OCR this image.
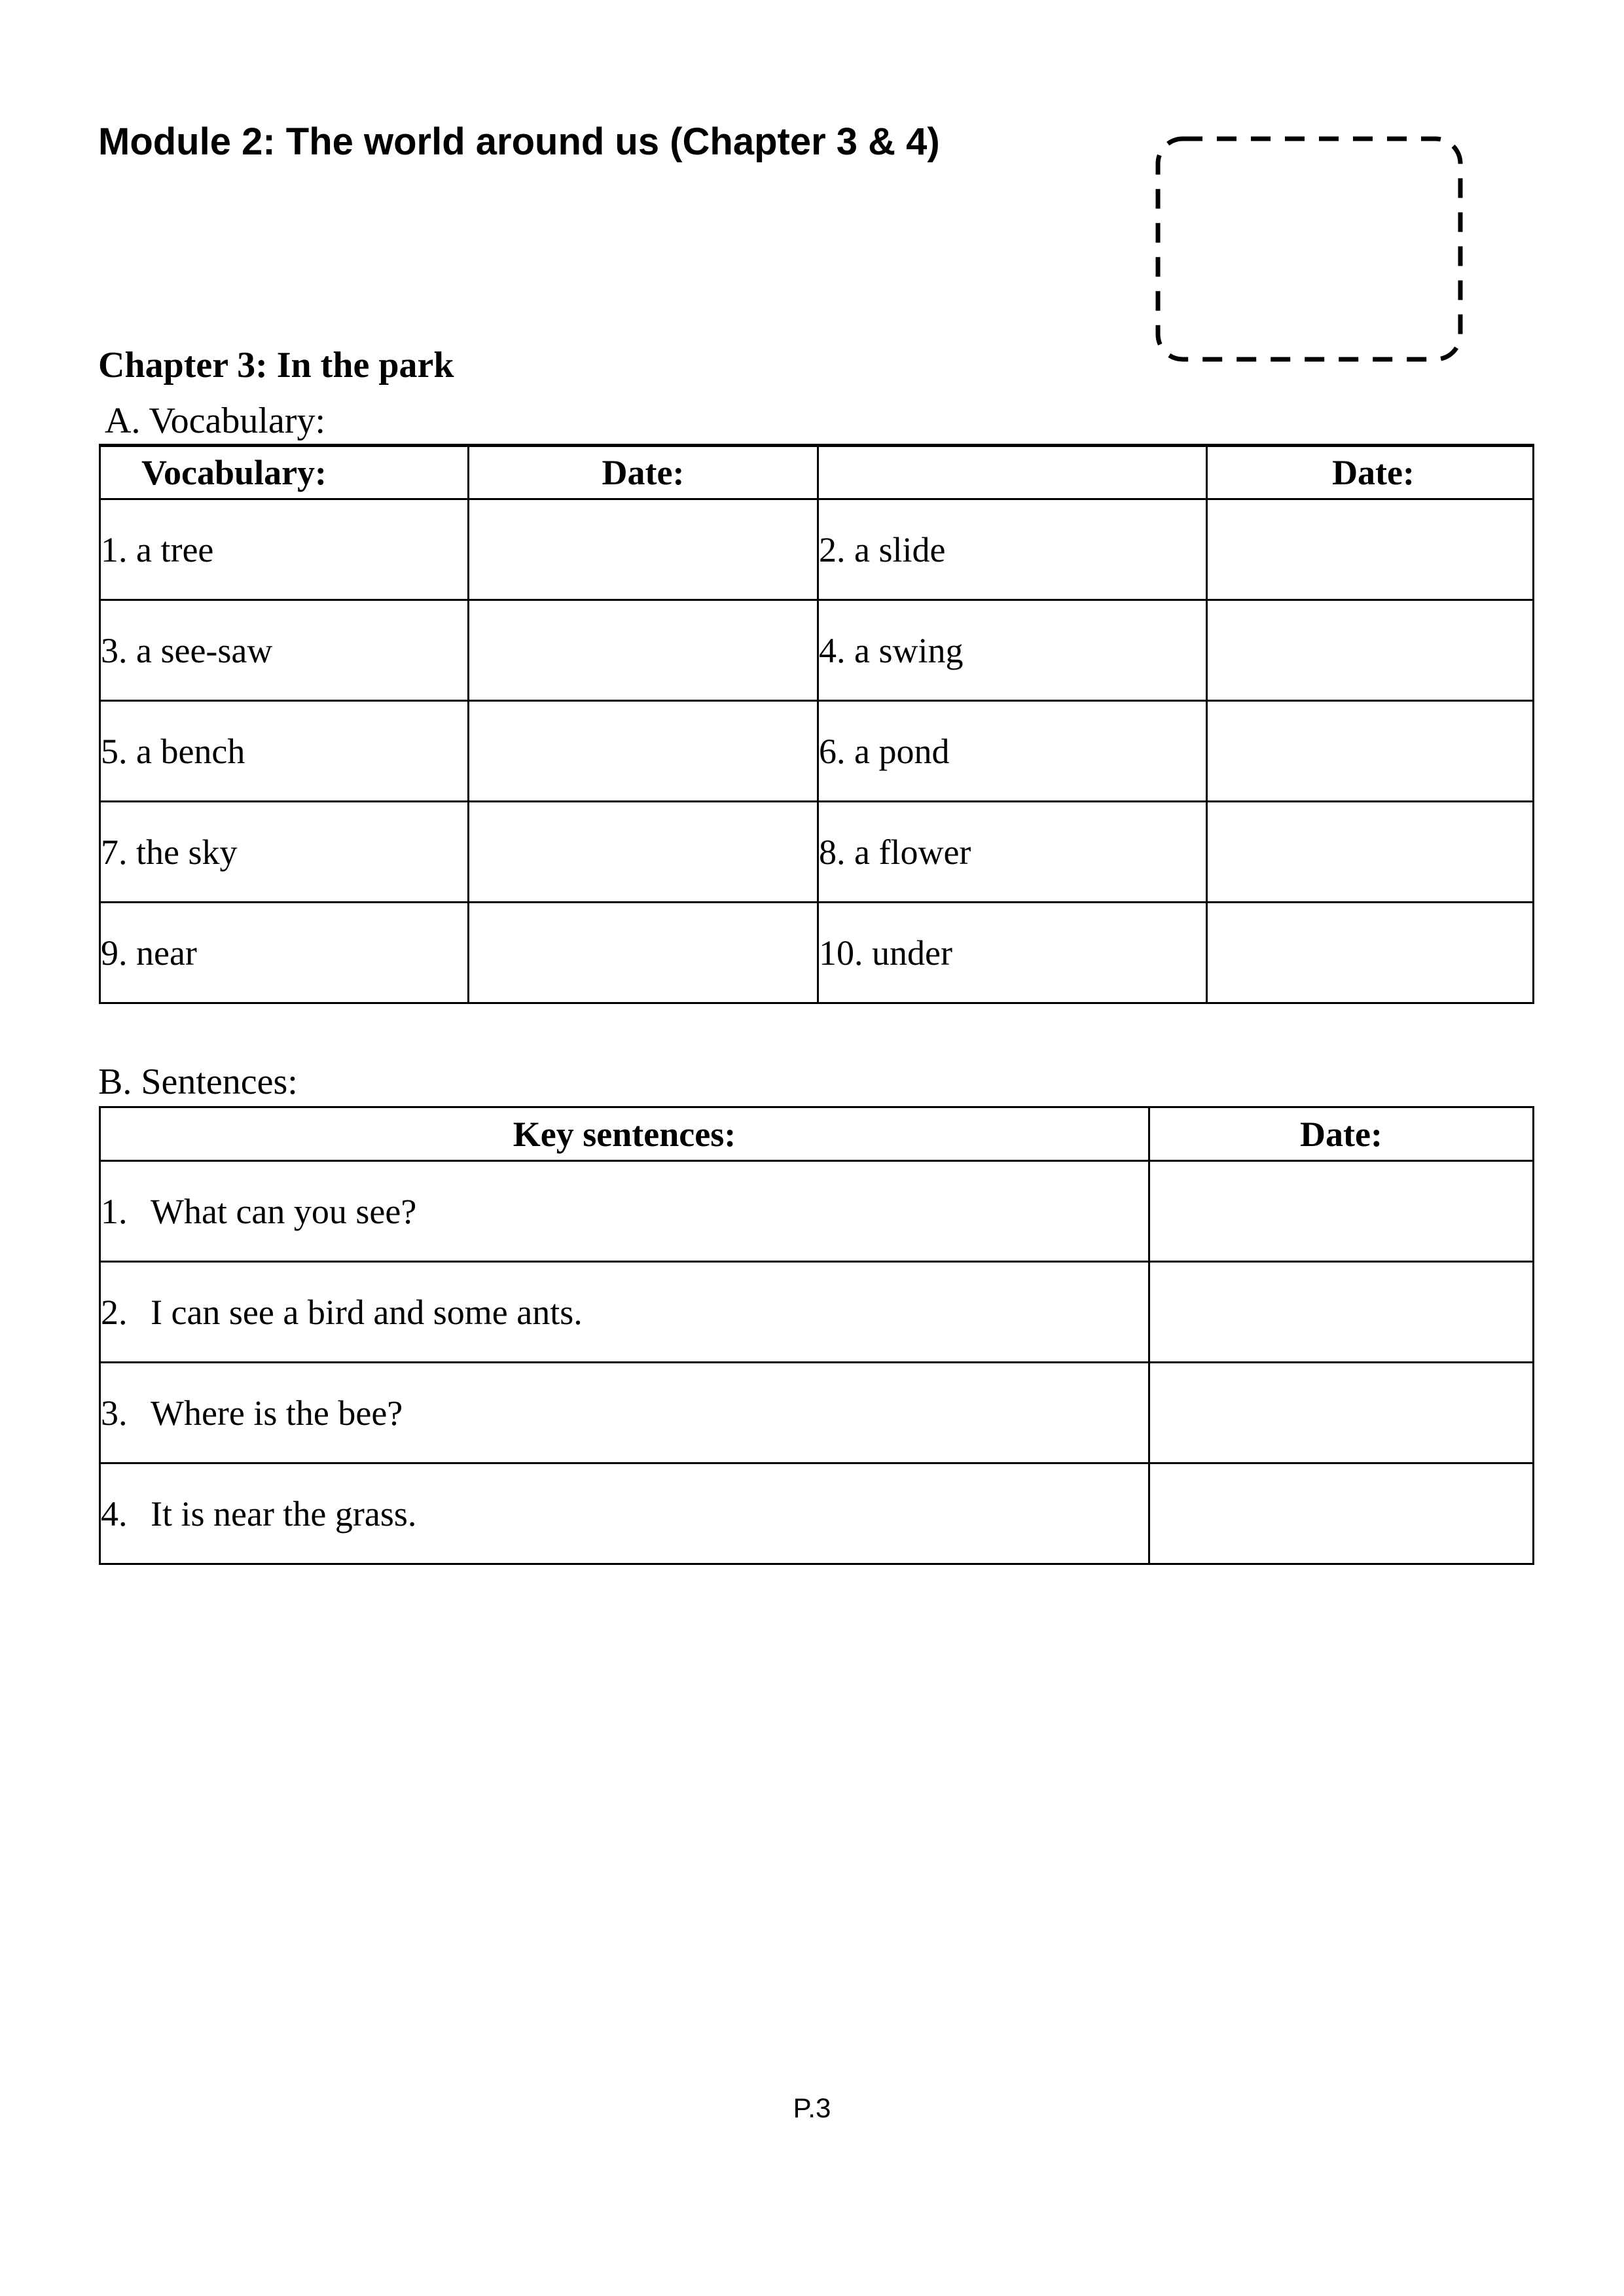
Module 2: The world around us (Chapter 3 & 4)
Chapter 3: In the park
A. Vocabulary:
Vocabulary:	Date:		Date:
1. a tree		2. a slide	
3. a see-saw		4. a swing	
5. a bench		6. a pond	
7. the sky		8. a flower	
9. near		10. under	
B. Sentences:
Key sentences:	Date:
1. What can you see?	
2. I can see a bird and some ants.	
3. Where is the bee?	
4. It is near the grass.	
P.3
